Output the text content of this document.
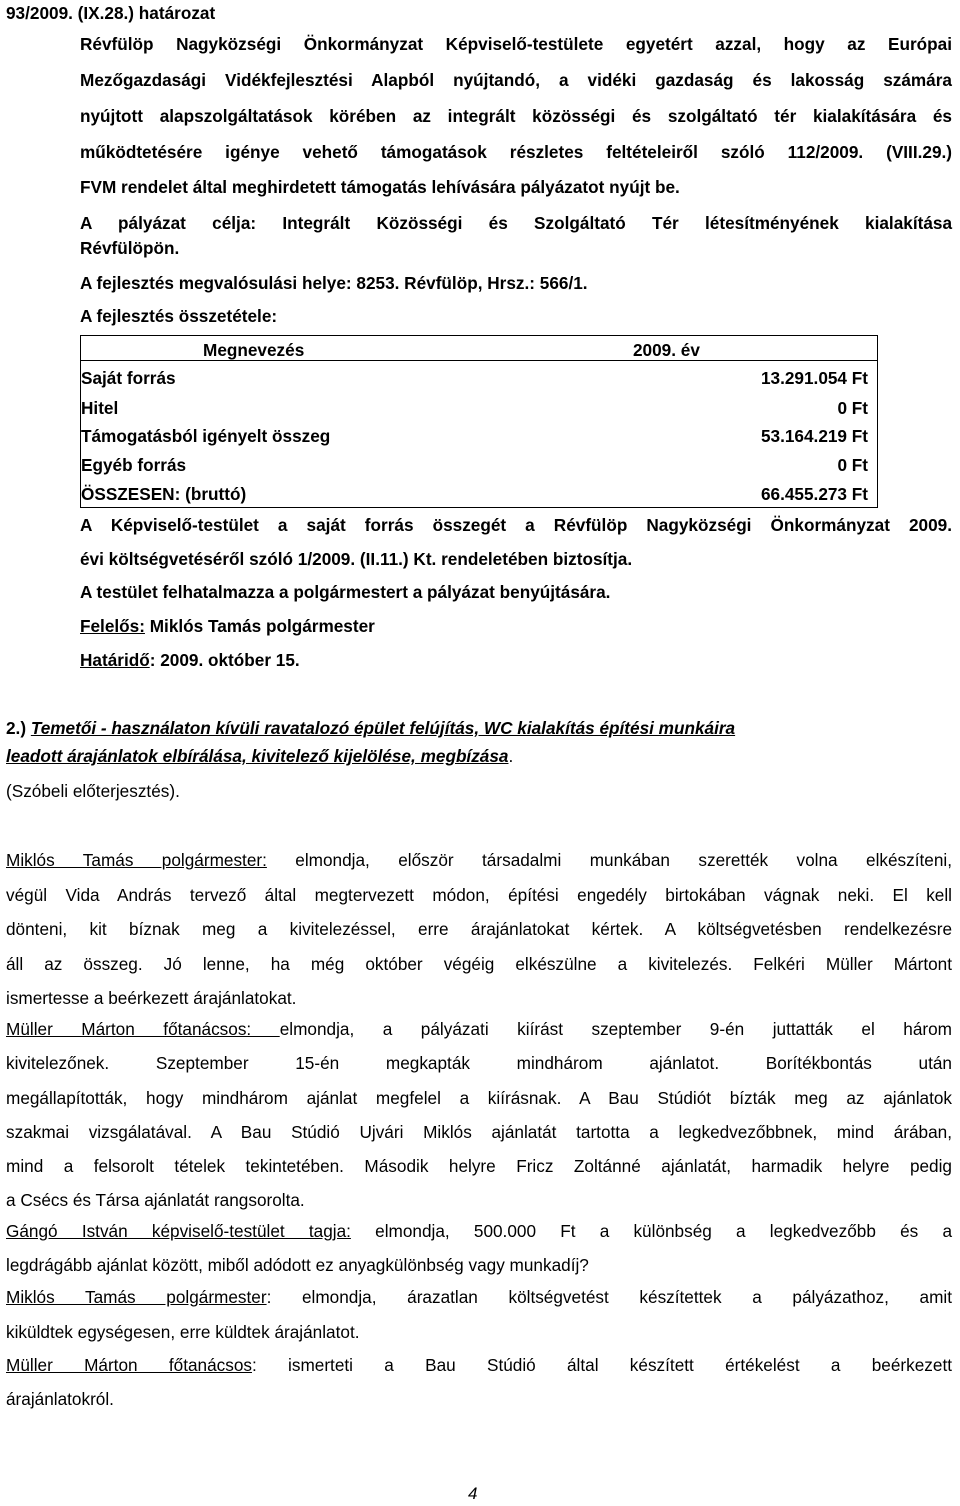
93/2009. (IX.28.) határozat
Révfülöp Nagyközségi Önkormányzat Képviselő-testülete egyetért azzal, hogy az Európai
Mezőgazdasági Vidékfejlesztési Alapból nyújtandó, a vidéki gazdaság és lakosság számára
nyújtott alapszolgáltatások körében az integrált közösségi és szolgáltató tér kialakítására és
működtetésére igénye vehető támogatások részletes feltételeiről szóló 112/2009. (VIII.29.)
FVM rendelet által meghirdetett támogatás lehívására pályázatot nyújt be.
A pályázat célja: Integrált Közösségi és Szolgáltató Tér létesítményének kialakítása
Révfülöpön.
A fejlesztés megvalósulási helye: 8253. Révfülöp, Hrsz.: 566/1.
A fejlesztés összetétele:
Megnevezés	2009. év
Saját forrás	13.291.054 Ft
Hitel	0 Ft
Támogatásból igényelt összeg	53.164.219 Ft
Egyéb forrás	0 Ft
ÖSSZESEN: (bruttó)	66.455.273 Ft
A Képviselő-testület a saját forrás összegét a Révfülöp Nagyközségi Önkormányzat 2009.
évi költségvetéséről szóló 1/2009. (II.11.) Kt. rendeletében biztosítja.
A testület felhatalmazza a polgármestert a pályázat benyújtására.
Felelős: Miklós Tamás polgármester
Határidő: 2009. október 15.
2.) Temetői - használaton kívüli ravatalozó épület felújítás, WC kialakítás építési munkáira
leadott árajánlatok elbírálása, kivitelező kijelölése, megbízása.
(Szóbeli előterjesztés).
Miklós Tamás polgármester: elmondja, először társadalmi munkában szerették volna elkészíteni,
végül Vida András tervező által megtervezett módon, építési engedély birtokában vágnak neki. El kell
dönteni, kit bíznak meg a kivitelezéssel, erre árajánlatokat kértek. A költségvetésben rendelkezésre
áll az összeg. Jó lenne, ha még október végéig elkészülne a kivitelezés. Felkéri Müller Mártont
ismertesse a beérkezett árajánlatokat.
Müller Márton főtanácsos: elmondja, a pályázati kiírást szeptember 9-én juttatták el három
kivitelezőnek. Szeptember 15-én megkapták mindhárom ajánlatot. Borítékbontás után
megállapították, hogy mindhárom ajánlat megfelel a kiírásnak. A Bau Stúdiót bízták meg az ajánlatok
szakmai vizsgálatával. A Bau Stúdió Ujvári Miklós ajánlatát tartotta a legkedvezőbbnek, mind árában,
mind a felsorolt tételek tekintetében. Második helyre Fricz Zoltánné ajánlatát, harmadik helyre pedig
a Csécs és Társa ajánlatát rangsorolta.
Gángó István képviselő-testület tagja: elmondja, 500.000 Ft a különbség a legkedvezőbb és a
legdrágább ajánlat között, miből adódott ez anyagkülönbség vagy munkadíj?
Miklós Tamás polgármester: elmondja, árazatlan költségvetést készítettek a pályázathoz, amit
kiküldtek egységesen, erre küldtek árajánlatot.
Müller Márton főtanácsos: ismerteti a Bau Stúdió által készített értékelést a beérkezett
árajánlatokról.
4
